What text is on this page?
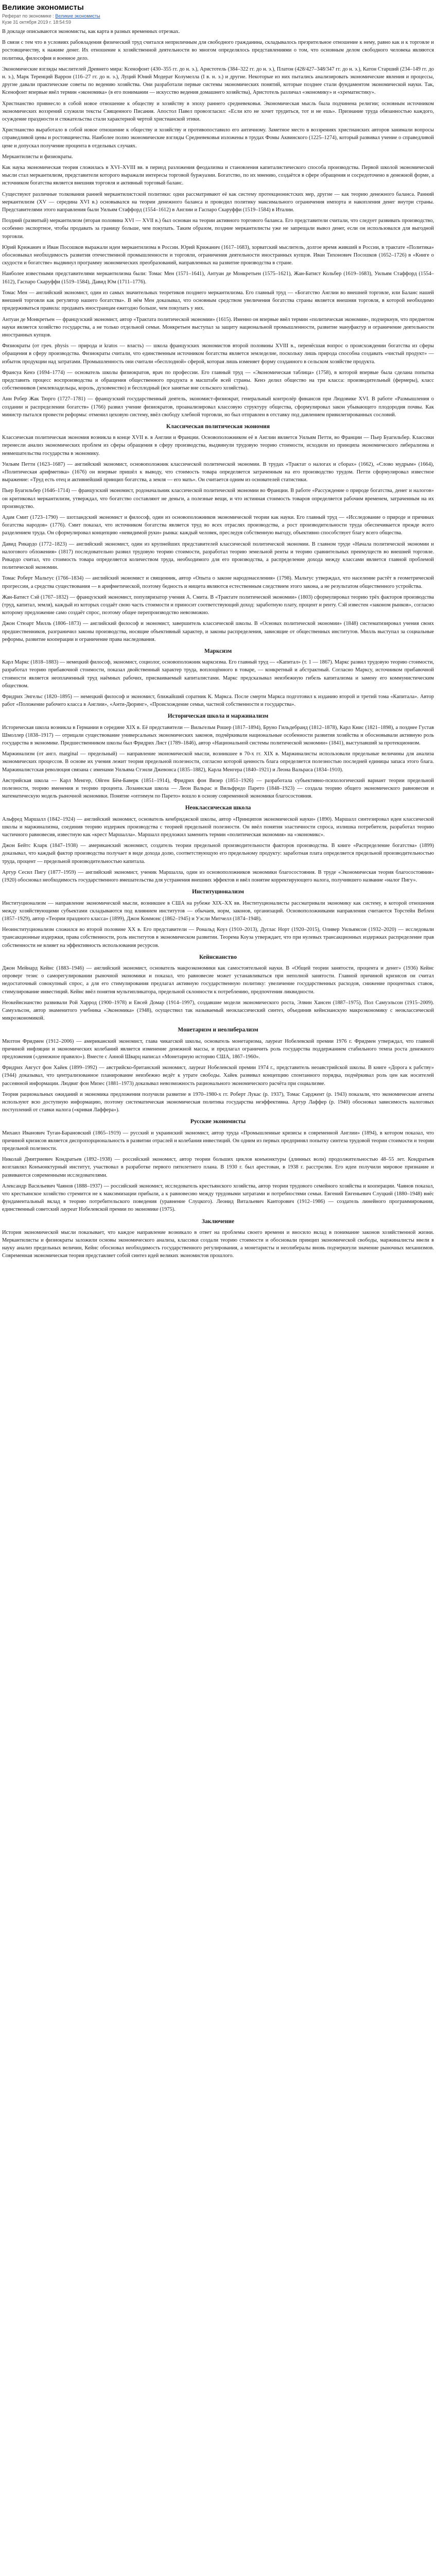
Великие экономисты
Реферат по экономике : Великие экономисты
Кузе 31 октября 2019 г. 18:54:59

В докладе описываются экономисты, как карта в разных временных отрезках.

В связи с тем что в условиях рабовладения физический труд считался неприличным для свободного гражданина, складывалось презрительное отношение к нему, равно как и к торговле и ростовщичеству, к наживе денег. Их отношение к хозяйственной деятельности во многом определялось представлениями о том, что основным делом свободного человека являются политика, философия и военное дело.

Экономические взгляды мыслителей Древнего мира: Ксенофонт (430–355 гг. до н. э.), Аристотель (384–322 гг. до н. э.), Платон (428/427–348/347 гг. до н. э.), Катон Старший (234–149 гг. до н. э.), Марк Теренций Варрон (116–27 гг. до н. э.), Луций Юний Модерат Колумелла (I в. н. э.) и другие. Некоторые из них пытались анализировать экономические явления и процессы, другие давали практические советы по ведению хозяйства. Они разработали первые системы экономических понятий, которые позднее стали фундаментом экономической науки. Так, Ксенофонт впервые ввёл термин «экономика» (в его понимании — искусство ведения домашнего хозяйства), Аристотель различал «экономику» и «хрематистику».

Христианство привнесло в собой новое отношение к обществу и хозяйству в эпоху раннего средневековья. Экономическая мысль была подчинена религии; основным источником экономических воззрений служили тексты Священного Писания. Апостол Павел провозгласил: «Если кто не хочет трудиться, тот и не ешь». Признание труда обязанностью каждого, осуждение праздности и стяжательства стали характерной чертой христианской этики.

Христианство выработало в собой новое отношение к обществу и хозяйству и противопоставило его античному. Заметное место в воззрениях христианских авторов занимали вопросы справедливой цены и ростовщичества. Наиболее полно экономические взгляды Средневековья изложены в трудах Фомы Аквинского (1225–1274), который развивал учение о справедливой цене и допускал получение процента в отдельных случаях.

Меркантилисты и физиократы.

Как наука экономическая теория сложилась в XVI–XVIII вв. в период разложения феодализма и становления капиталистического способа производства. Первой школой экономической мысли стал меркантилизм, представители которого выражали интересы торговой буржуазии. Богатство, по их мнению, создаётся в сфере обращения и сосредоточено в денежной форме, а источником богатства является внешняя торговля и активный торговый баланс.

Существуют различные толкования ранней меркантилистской политики: одни рассматривают её как систему протекционистских мер, другие — как теорию денежного баланса. Ранний меркантилизм (XV — середина XVI в.) основывался на теории денежного баланса и проводил политику максимального ограничения импорта и накопления денег внутри страны. Представителями этого направления были Уильям Стаффорд (1554–1612) в Англии и Гаспаро Скаруффи (1519–1584) в Италии.

Поздний (развитый) меркантилизм (вторая половина XVI — XVII в.) был основан на теории активного торгового баланса. Его представители считали, что следует развивать производство, особенно экспортное, чтобы продавать за границу больше, чем покупать. Таким образом, поздние меркантилисты уже не запрещали вывоз денег, если он использовался для выгодной торговли.

Юрий Крижанич и Иван Посошков выражали идеи меркантилизма в России. Юрий Крижанич (1617–1683), хорватский мыслитель, долгое время живший в России, в трактате «Политика» обосновывал необходимость развития отечественной промышленности и торговли, ограничения деятельности иностранных купцов. Иван Тихонович Посошков (1652–1726) в «Книге о скудости и богатстве» выдвинул программу экономических преобразований, направленных на развитие производства в стране.

Наиболее известными представителями меркантилизма были: Томас Мен (1571–1641), Антуан де Монкретьен (1575–1621), Жан-Батист Кольбер (1619–1683), Уильям Стаффорд (1554–1612), Гаспаро Скаруффи (1519–1584), Давид Юм (1711–1776).

Томас Мен — английский экономист, один из самых значительных теоретиков позднего меркантилизма. Его главный труд — «Богатство Англии во внешней торговле, или Баланс нашей внешней торговли как регулятор нашего богатства». В нём Мен доказывал, что основным средством увеличения богатства страны является внешняя торговля, в которой необходимо придерживаться правила: продавать иностранцам ежегодно больше, чем покупать у них.

Антуан де Монкретьен — французский экономист, автор «Трактата политической экономии» (1615). Именно он впервые ввёл термин «политическая экономия», подчеркнув, что предметом науки является хозяйство государства, а не только отдельной семьи. Монкретьен выступал за защиту национальной промышленности, развитие мануфактур и ограничение деятельности иностранных купцов.

Физиократы (от греч. physis — природа и kratos — власть) — школа французских экономистов второй половины XVIII в., перенёсшая вопрос о происхождении богатства из сферы обращения в сферу производства. Физиократы считали, что единственным источником богатства является земледелие, поскольку лишь природа способна создавать «чистый продукт» — избыток продукции над затратами. Промышленность они считали «бесплодной» сферой, которая лишь изменяет форму созданного в сельском хозяйстве продукта.

Франсуа Кенэ (1694–1774) — основатель школы физиократов, врач по профессии. Его главный труд — «Экономическая таблица» (1758), в которой впервые была сделана попытка представить процесс воспроизводства и обращения общественного продукта в масштабе всей страны. Кенэ делил общество на три класса: производительный (фермеры), класс собственников (землевладельцы, король, духовенство) и бесплодный (все занятые вне сельского хозяйства).

Анн Робер Жак Тюрго (1727–1781) — французский государственный деятель, экономист-физиократ, генеральный контролёр финансов при Людовике XVI. В работе «Размышления о создании и распределении богатств» (1766) развил учение физиократов, проанализировал классовую структуру общества, сформулировал закон убывающего плодородия почвы. Как министр пытался провести реформы: отменил цеховую систему, ввёл свободу хлебной торговли, но был отправлен в отставку под давлением привилегированных сословий.

Классическая политическая экономия

Классическая политическая экономия возникла в конце XVII в. в Англии и Франции. Основоположником её в Англии является Уильям Петти, во Франции — Пьер Буагильбер. Классики перенесли анализ экономических проблем из сферы обращения в сферу производства, выдвинули трудовую теорию стоимости, исходили из принципа экономического либерализма и невмешательства государства в экономику.

Уильям Петти (1623–1687) — английский экономист, основоположник классической политической экономии. В трудах «Трактат о налогах и сборах» (1662), «Слово мудрым» (1664), «Политическая арифметика» (1676) он впервые пришёл к выводу, что стоимость товара определяется затраченным на его производство трудом. Петти сформулировал известное выражение: «Труд есть отец и активнейший принцип богатства, а земля — его мать». Он считается одним из основателей статистики.

Пьер Буагильбер (1646–1714) — французский экономист, родоначальник классической политической экономии во Франции. В работе «Рассуждение о природе богатства, денег и налогов» он критиковал меркантилизм, утверждал, что богатство составляют не деньги, а полезные вещи, и что истинная стоимость товаров определяется рабочим временем, затраченным на их производство.

Адам Смит (1723–1790) — шотландский экономист и философ, один из основоположников экономической теории как науки. Его главный труд — «Исследование о природе и причинах богатства народов» (1776). Смит показал, что источником богатства является труд во всех отраслях производства, а рост производительности труда обеспечивается прежде всего разделением труда. Он сформулировал концепцию «невидимой руки» рынка: каждый человек, преследуя собственную выгоду, объективно способствует благу всего общества.

Давид Рикардо (1772–1823) — английский экономист, один из крупнейших представителей классической политической экономии. В главном труде «Начала политической экономии и налогового обложения» (1817) последовательно развил трудовую теорию стоимости, разработал теорию земельной ренты и теорию сравнительных преимуществ во внешней торговле. Рикардо считал, что стоимость товара определяется количеством труда, необходимого для его производства, а распределение дохода между классами является главной проблемой политической экономии.

Томас Роберт Мальтус (1766–1834) — английский экономист и священник, автор «Опыта о законе народонаселения» (1798). Мальтус утверждал, что население растёт в геометрической прогрессии, а средства существования — в арифметической, поэтому бедность и нищета являются естественным следствием этого закона, а не результатом общественного устройства.

Жан-Батист Сэй (1767–1832) — французский экономист, популяризатор учения А. Смита. В «Трактате политической экономии» (1803) сформулировал теорию трёх факторов производства (труд, капитал, земля), каждый из которых создаёт свою часть стоимости и приносит соответствующий доход: заработную плату, процент и ренту. Сэй известен «законом рынков», согласно которому предложение само создаёт спрос, поэтому общее перепроизводство невозможно.

Джон Стюарт Милль (1806–1873) — английский философ и экономист, завершитель классической школы. В «Основах политической экономии» (1848) систематизировал учения своих предшественников, разграничил законы производства, носящие объективный характер, и законы распределения, зависящие от общественных институтов. Милль выступал за социальные реформы, развитие кооперации и ограничение права наследования.

Марксизм

Карл Маркс (1818–1883) — немецкий философ, экономист, социолог, основоположник марксизма. Его главный труд — «Капитал» (т. 1 — 1867). Маркс развил трудовую теорию стоимости, разработал теорию прибавочной стоимости, показал двойственный характер труда, воплощённого в товаре, — конкретный и абстрактный. Согласно Марксу, источником прибавочной стоимости является неоплаченный труд наёмных рабочих, присваиваемый капиталистами. Маркс предсказывал неизбежную гибель капитализма и замену его коммунистическим обществом.

Фридрих Энгельс (1820–1895) — немецкий философ и экономист, ближайший соратник К. Маркса. После смерти Маркса подготовил к изданию второй и третий тома «Капитала». Автор работ «Положение рабочего класса в Англии», «Анти-Дюринг», «Происхождение семьи, частной собственности и государства».

Историческая школа и маржинализм

Историческая школа возникла в Германии в середине XIX в. Её представители — Вильгельм Рошер (1817–1894), Бруно Гильдебранд (1812–1878), Карл Книс (1821–1898), а позднее Густав Шмоллер (1838–1917) — отрицали существование универсальных экономических законов, подчёркивали национальные особенности развития хозяйства и обосновывали активную роль государства в экономике. Предшественником школы был Фридрих Лист (1789–1846), автор «Национальной системы политической экономии» (1841), выступавший за протекционизм.

Маржинализм (от англ. marginal — предельный) — направление экономической мысли, возникшее в 70-х гг. XIX в. Маржиналисты использовали предельные величины для анализа экономических процессов. В основе их учения лежит теория предельной полезности, согласно которой ценность блага определяется полезностью последней единицы запаса этого блага. Маржиналистская революция связана с именами Уильяма Стэнли Джевонса (1835–1882), Карла Менгера (1840–1921) и Леона Вальраса (1834–1910).

Австрийская школа — Карл Менгер, Ойген Бём-Баверк (1851–1914), Фридрих фон Визер (1851–1926) — разработала субъективно-психологический вариант теории предельной полезности, теорию вменения и теорию процента. Лозаннская школа — Леон Вальрас и Вильфредо Парето (1848–1923) — создала теорию общего экономического равновесия и математическую модель рыночной экономики. Понятие «оптимум по Парето» вошло в основу современной экономики благосостояния.

Неоклассическая школа

Альфред Маршалл (1842–1924) — английский экономист, основатель кембриджской школы, автор «Принципов экономической науки» (1890). Маршалл синтезировал идеи классической школы и маржинализма, соединив теорию издержек производства с теорией предельной полезности. Он ввёл понятия эластичности спроса, излишка потребителя, разработал теорию частичного равновесия, известную как «крест Маршалла». Маршалл предложил заменить термин «политическая экономия» на «экономикс».

Джон Бейтс Кларк (1847–1938) — американский экономист, создатель теории предельной производительности факторов производства. В книге «Распределение богатства» (1899) доказывал, что каждый фактор производства получает в виде дохода долю, соответствующую его предельному продукту: заработная плата определяется предельной производительностью труда, процент — предельной производительностью капитала.

Артур Сесил Пигу (1877–1959) — английский экономист, ученик Маршалла, один из основоположников экономики благосостояния. В труде «Экономическая теория благосостояния» (1920) обосновал необходимость государственного вмешательства для устранения внешних эффектов и ввёл понятие корректирующего налога, получившего название «налог Пигу».

Институционализм

Институционализм — направление экономической мысли, возникшее в США на рубеже XIX–XX вв. Институционалисты рассматривали экономику как систему, в которой отношения между хозяйствующими субъектами складываются под влиянием институтов — обычаев, норм, законов, организаций. Основоположниками направления считаются Торстейн Веблен (1857–1929), автор «Теории праздного класса» (1899), Джон Коммонс (1862–1945) и Уэсли Митчелл (1874–1948).

Неоинституционализм сложился во второй половине XX в. Его представители — Рональд Коуз (1910–2013), Дуглас Норт (1920–2015), Оливер Уильямсон (1932–2020) — исследовали трансакционные издержки, права собственности, роль институтов в экономическом развитии. Теорема Коуза утверждает, что при нулевых трансакционных издержках распределение прав собственности не влияет на эффективность использования ресурсов.

Кейнсианство

Джон Мейнард Кейнс (1883–1946) — английский экономист, основатель макроэкономики как самостоятельной науки. В «Общей теории занятости, процента и денег» (1936) Кейнс опроверг тезис о саморегулировании рыночной экономики и показал, что равновесие может устанавливаться при неполной занятости. Главной причиной кризисов он считал недостаточный совокупный спрос, а для его стимулирования предлагал активную государственную политику: увеличение государственных расходов, снижение процентных ставок, стимулирование инвестиций. Кейнс ввёл понятия мультипликатора, предельной склонности к потреблению, предпочтения ликвидности.

Неокейнсианство развивали Рой Харрод (1900–1978) и Евсей Домар (1914–1997), создавшие модели экономического роста, Элвин Хансен (1887–1975), Пол Самуэльсон (1915–2009). Самуэльсон, автор знаменитого учебника «Экономика» (1948), осуществил так называемый неоклассический синтез, объединив кейнсианскую макроэкономику с неоклассической микроэкономикой.

Монетаризм и неолиберализм

Милтон Фридмен (1912–2006) — американский экономист, глава чикагской школы, основатель монетаризма, лауреат Нобелевской премии 1976 г. Фридмен утверждал, что главной причиной инфляции и экономических колебаний является изменение денежной массы, и предлагал ограничить роль государства поддержанием стабильного темпа роста денежного предложения («денежное правило»). Вместе с Анной Шварц написал «Монетарную историю США, 1867–1960».

Фридрих Август фон Хайек (1899–1992) — австрийско-британский экономист, лауреат Нобелевской премии 1974 г., представитель неоавстрийской школы. В книге «Дорога к рабству» (1944) доказывал, что централизованное планирование неизбежно ведёт к утрате свободы. Хайек развивал концепцию спонтанного порядка, подчёркивал роль цен как носителей рассеянной информации. Людвиг фон Мизес (1881–1973) доказывал невозможность рационального экономического расчёта при социализме.

Теория рациональных ожиданий и экономика предложения получили развитие в 1970–1980-х гг. Роберт Лукас (р. 1937), Томас Сарджент (р. 1943) показали, что экономические агенты используют всю доступную информацию, поэтому систематическая экономическая политика государства неэффективна. Артур Лаффер (р. 1940) обосновал зависимость налоговых поступлений от ставки налога («кривая Лаффера»).

Русские экономисты

Михаил Иванович Туган-Барановский (1865–1919) — русский и украинский экономист, автор труда «Промышленные кризисы в современной Англии» (1894), в котором показал, что причиной кризисов является диспропорциональность в развитии отраслей и колебания инвестиций. Он одним из первых предпринял попытку синтеза трудовой теории стоимости и теории предельной полезности.

Николай Дмитриевич Кондратьев (1892–1938) — российский экономист, автор теории больших циклов конъюнктуры (длинных волн) продолжительностью 48–55 лет. Кондратьев возглавлял Конъюнктурный институт, участвовал в разработке первого пятилетнего плана. В 1930 г. был арестован, в 1938 г. расстрелян. Его идеи получили мировое признание и развиваются современными исследователями.

Александр Васильевич Чаянов (1888–1937) — российский экономист, исследователь крестьянского хозяйства, автор теории трудового семейного хозяйства и кооперации. Чаянов показал, что крестьянское хозяйство стремится не к максимизации прибыли, а к равновесию между трудовыми затратами и потребностями семьи. Евгений Евгеньевич Слуцкий (1880–1948) внёс фундаментальный вклад в теорию потребительского поведения (уравнение Слуцкого). Леонид Витальевич Канторович (1912–1986) — создатель линейного программирования, единственный советский лауреат Нобелевской премии по экономике (1975).

Заключение

История экономической мысли показывает, что каждое направление возникало в ответ на проблемы своего времени и вносило вклад в понимание законов хозяйственной жизни. Меркантилисты и физиократы заложили основы экономического анализа, классики создали теорию стоимости и обосновали принцип экономической свободы, маржиналисты ввели в науку анализ предельных величин, Кейнс обосновал необходимость государственного регулирования, а монетаристы и неолибералы вновь подчеркнули значение рыночных механизмов. Современная экономическая теория представляет собой синтез идей великих экономистов прошлого.
